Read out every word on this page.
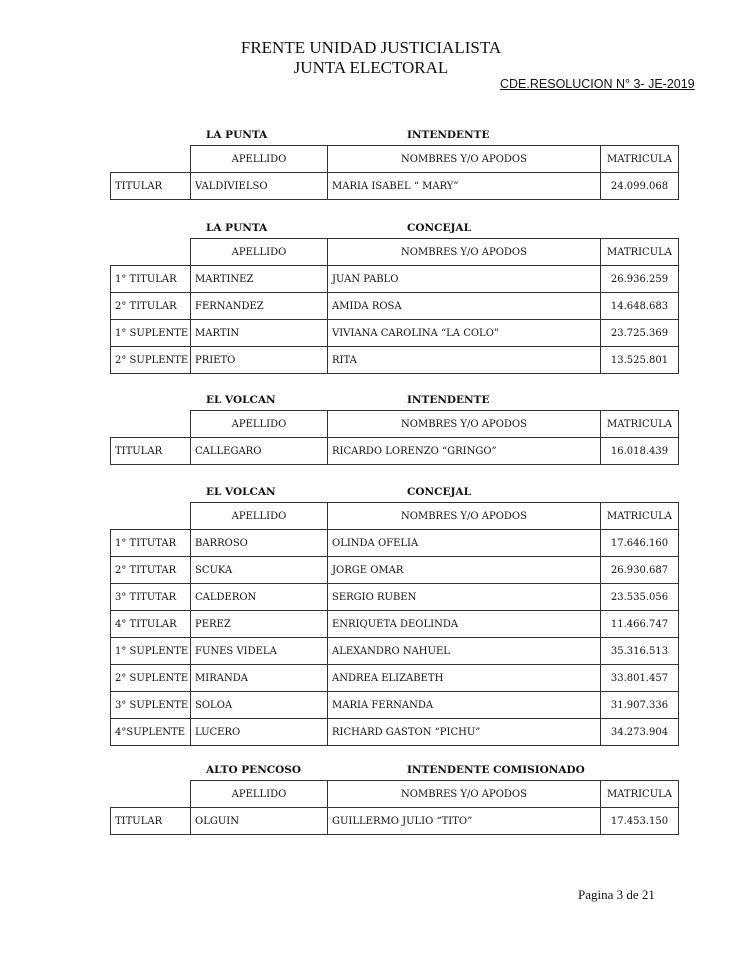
FRENTE UNIDAD JUSTICIALISTA
JUNTA ELECTORAL
CDE.RESOLUCION N° 3- JE-2019
LA PUNTA	INTENDENTE
	APELLIDO	NOMBRES Y/O APODOS	MATRICULA
TITULAR	VALDIVIELSO	MARIA ISABEL “ MARY”	24.099.068
LA PUNTA	CONCEJAL
	APELLIDO	NOMBRES Y/O APODOS	MATRICULA
1° TITULAR	MARTINEZ	JUAN PABLO	26.936.259
2° TITULAR	FERNANDEZ	AMIDA ROSA	14.648.683
1° SUPLENTE	MARTIN	VIVIANA CAROLINA “LA COLO”	23.725.369
2° SUPLENTE	PRIETO	RITA	13.525.801
EL VOLCAN	INTENDENTE
	APELLIDO	NOMBRES Y/O APODOS	MATRICULA
TITULAR	CALLEGARO	RICARDO LORENZO “GRINGO”	16.018.439
EL VOLCAN	CONCEJAL
	APELLIDO	NOMBRES Y/O APODOS	MATRICULA
1° TITUTAR	BARROSO	OLINDA OFELIA	17.646.160
2° TITUTAR	SCUKA	JORGE OMAR	26.930.687
3° TITUTAR	CALDERON	SERGIO RUBEN	23.535.056
4° TITULAR	PEREZ	ENRIQUETA DEOLINDA	11.466.747
1° SUPLENTE	FUNES VIDELA	ALEXANDRO NAHUEL	35.316.513
2° SUPLENTE	MIRANDA	ANDREA ELIZABETH	33.801.457
3° SUPLENTE	SOLOA	MARIA FERNANDA	31.907.336
4°SUPLENTE	LUCERO	RICHARD GASTON “PICHU”	34.273.904
ALTO PENCOSO	INTENDENTE COMISIONADO
	APELLIDO	NOMBRES Y/O APODOS	MATRICULA
TITULAR	OLGUIN	GUILLERMO JULIO “TITO”	17.453.150
Pagina 3 de 21
